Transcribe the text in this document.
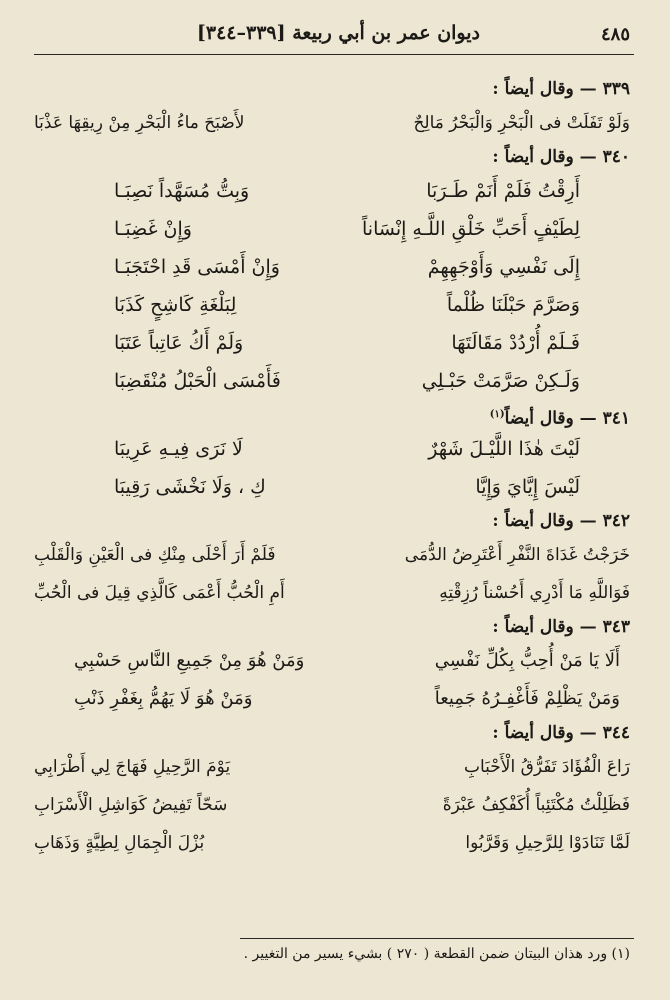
ديوان عمر بن أبي ربيعة [٣٣٩–٣٤٤]	٤٨٥
٣٣٩ — وقال أيضاً :
وَلَوْ تَفَلَتْ فى الْبَحْرِ وَالْبَحْرُ مَالِحٌ
لأَصْبَحَ ماءُ الْبَحْرِ مِنْ رِيقِهَا عَذْبَا
٣٤٠ — وقال أيضاً :
أَرِقْتُ فَلَمْ أَنَمْ طَـرَبَا
وَبِتُّ مُسَهَّداً نَصِبَـا
لِطَيْفٍ أَحَبِّ خَلْقِ اللَّـهِ إِنْسَاناً
وَإِنْ غَضِبَـا
إِلَى نَفْسِي وَأَوْجَهِهِمْ
وَإِنْ أَمْسَى قَدِ احْتَجَبَـا
وَصَرَّمَ حَبْلَنَا ظُلْماً
لِبَلْغَةِ كَاشِحٍ كَذَبَا
فَـلَمْ أُرْدُدْ مَقَالَتَهَا
وَلَمْ أَكُ عَاتِباً عَتَبَا
وَلَـكِنْ صَرَّمَتْ حَبْـلِي
فَأَمْسَى الْحَبْلُ مُنْقَضِبَا
٣٤١ — وقال أيضاً$^{(١)}$
لَيْتَ هٰذَا اللَّيْـلَ شَهْرٌ
لَا نَرَى فِيـهِ عَرِيبَا
لَيْسَ إِيَّايَ وَإِيَّا
كِ ، وَلَا نَخْشَى رَقِيبَا
٣٤٢ — وقال أيضاً :
خَرَجْتُ غَدَاةَ النَّفْرِ أَعْتَرِضُ الدُّمَى
فَلَمْ أَرَ أَحْلَى مِنْكِ فى الْعَيْنِ وَالْقَلْبِ
فَوَاللَّهِ مَا أَدْرِي أَحُسْناً رُزِقْتِهِ
أَمِ الْحُبُّ أَعْمَى كَالَّذِي قِيلَ فى الْحُبِّ
٣٤٣ — وقال أيضاً :
أَلَا يَا مَنْ أُحِبُّ بِكُلِّ نَفْسِي
وَمَنْ هُوَ مِنْ جَمِيعِ النَّاسِ حَسْبِي
وَمَنْ يَظْلِمْ فَأَغْفِـرُهُ جَمِيعاً
وَمَنْ هُوَ لَا يَهُمُّ بِغَفْرِ ذَنْبِ
٣٤٤ — وقال أيضاً :
رَاعَ الْفُؤَادَ تَفَرُّقُ الْأَحْبَابِ
يَوْمَ الرَّحِيلِ فَهَاجَ لِي أَطْرَابِي
فَظَلِلْتُ مُكْتَئِباً أُكَفْكِفُ عَبْرَةً
سَحّاً تَفِيضُ كَوَاشِلِ الْأَسْرَابِ
لَمَّا تَنَادَوْا لِلرَّحِيلِ وَقَرَّبُوا
بُزْلَ الْجِمَالِ لِطِيَّةٍ وَذَهَابِ
(١) ورد هذان البيتان ضمن القطعة ( ٢٧٠ ) بشيء يسير من التغيير .
